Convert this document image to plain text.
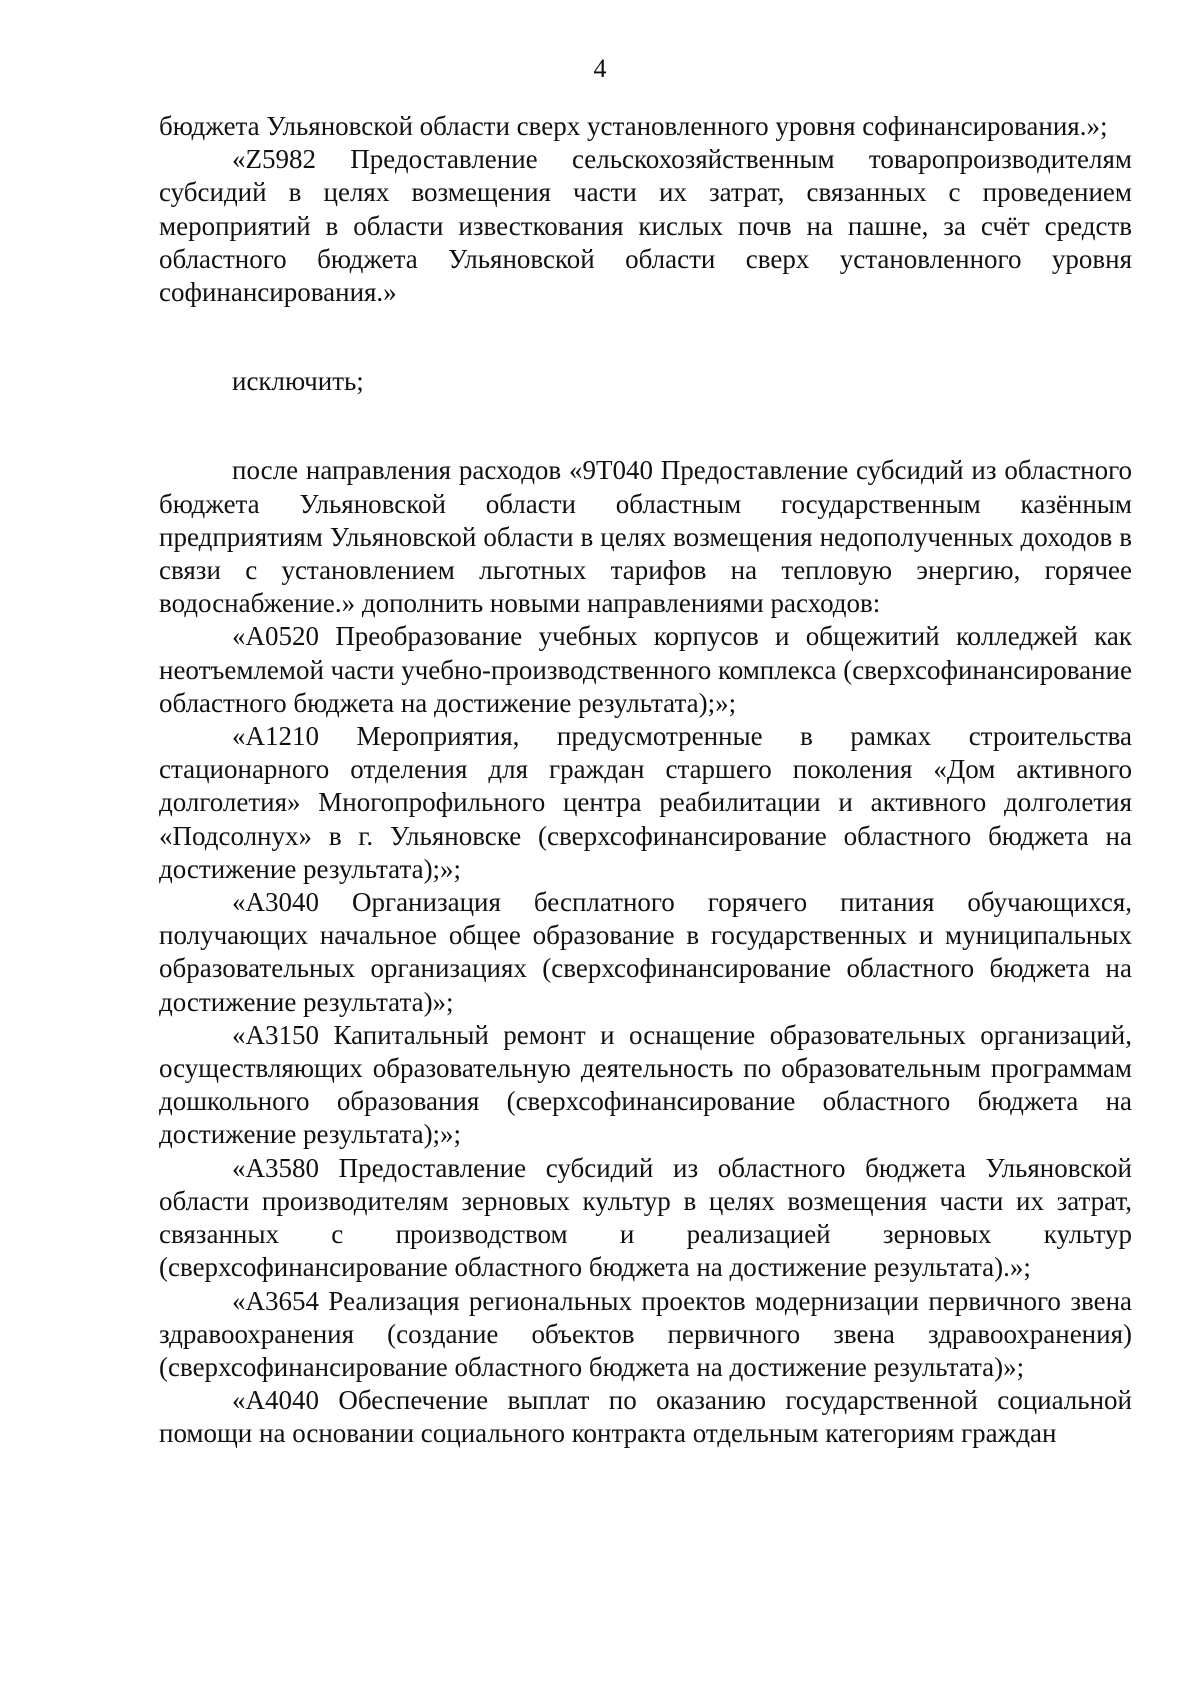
4

бюджета Ульяновской области сверх установленного уровня софинансирования.»;

«Z5982 Предоставление сельскохозяйственным товаропроизводителям субсидий в целях возмещения части их затрат, связанных с проведением мероприятий в области известкования кислых почв на пашне, за счёт средств областного бюджета Ульяновской области сверх установленного уровня софинансирования.»

исключить;

после направления расходов «9Т040 Предоставление субсидий из областного бюджета Ульяновской области областным государственным казённым предприятиям Ульяновской области в целях возмещения недополученных доходов в связи с установлением льготных тарифов на тепловую энергию, горячее водоснабжение.» дополнить новыми направлениями расходов:

«А0520 Преобразование учебных корпусов и общежитий колледжей как неотъемлемой части учебно-производственного комплекса (сверхсофинансирование областного бюджета на достижение результата);»;

«А1210 Мероприятия, предусмотренные в рамках строительства стационарного отделения для граждан старшего поколения «Дом активного долголетия» Многопрофильного центра реабилитации и активного долголетия «Подсолнух» в г. Ульяновске (сверхсофинансирование областного бюджета на достижение результата);»;

«А3040 Организация бесплатного горячего питания обучающихся, получающих начальное общее образование в государственных и муниципальных образовательных организациях (сверхсофинансирование областного бюджета на достижение результата)»;

«А3150 Капитальный ремонт и оснащение образовательных организаций, осуществляющих образовательную деятельность по образовательным программам дошкольного образования (сверхсофинансирование областного бюджета на достижение результата);»;

«А3580 Предоставление субсидий из областного бюджета Ульяновской области производителям зерновых культур в целях возмещения части их затрат, связанных с производством и реализацией зерновых культур (сверхсофинансирование областного бюджета на достижение результата).»;

«А3654 Реализация региональных проектов модернизации первичного звена здравоохранения (создание объектов первичного звена здравоохранения) (сверхсофинансирование областного бюджета на достижение результата)»;

«А4040 Обеспечение выплат по оказанию государственной социальной помощи на основании социального контракта отдельным категориям граждан
